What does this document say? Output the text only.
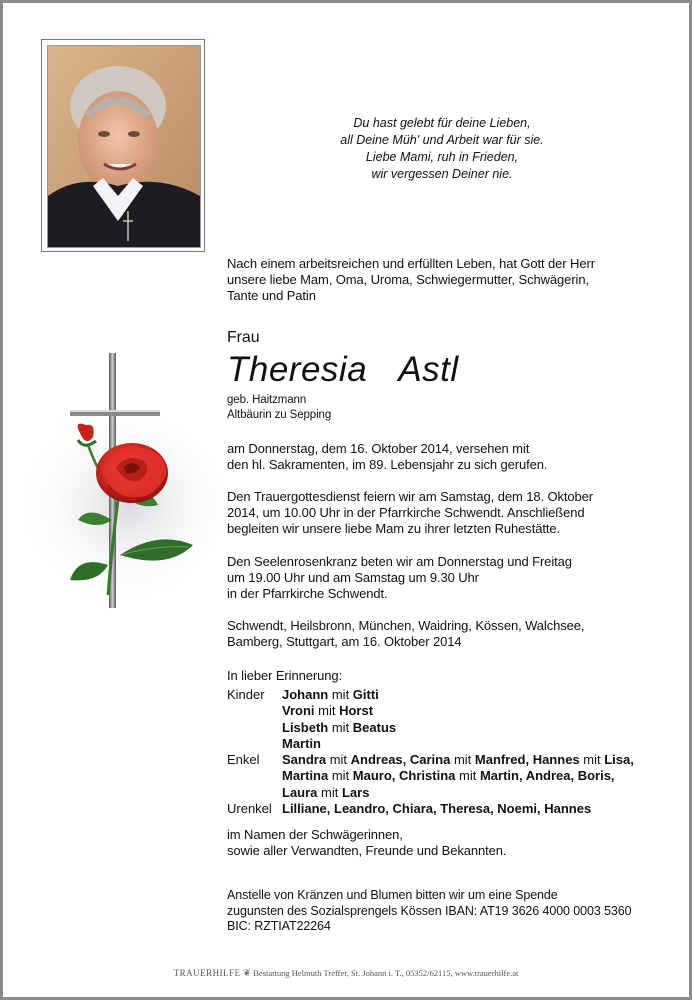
Du hast gelebt für deine Lieben,
all Deine Müh' und Arbeit war für sie.
Liebe Mami, ruh in Frieden,
wir vergessen Deiner nie.
Nach einem arbeitsreichen und erfüllten Leben, hat Gott der Herr
unsere liebe Mam, Oma, Uroma, Schwiegermutter, Schwägerin,
Tante und Patin
Frau
Theresia  Astl
geb. Haitzmann
Altbäurin zu Sepping
am Donnerstag, dem 16. Oktober 2014, versehen mit
den hl. Sakramenten, im 89. Lebensjahr zu sich gerufen.
Den Trauergottesdienst feiern wir am Samstag, dem 18. Oktober
2014, um 10.00 Uhr in der Pfarrkirche Schwendt. Anschließend
begleiten wir unsere liebe Mam zu ihrer letzten Ruhestätte.
Den Seelenrosenkranz beten wir am Donnerstag und Freitag
um 19.00 Uhr und am Samstag um 9.30 Uhr
in der Pfarrkirche Schwendt.
Schwendt, Heilsbronn, München, Waidring, Kössen, Walchsee,
Bamberg, Stuttgart, am 16. Oktober 2014
In lieber Erinnerung:
Kinder	Johann mit Gitti
Vroni mit Horst
Lisbeth mit Beatus
Martin
Enkel	Sandra mit Andreas, Carina mit Manfred, Hannes mit Lisa,
Martina mit Mauro, Christina mit Martin, Andrea, Boris,
Laura mit Lars
Urenkel Lilliane, Leandro, Chiara, Theresa, Noemi, Hannes
im Namen der Schwägerinnen,
sowie aller Verwandten, Freunde und Bekannten.
Anstelle von Kränzen und Blumen bitten wir um eine Spende
zugunsten des Sozialsprengels Kössen IBAN: AT19 3626 4000 0003 5360
BIC: RZTIAT22264
TRAUERHILFE ❦ Bestattung Helmuth Treffer, St. Johann i. T., 05352/62115, www.trauerhilfe.at
